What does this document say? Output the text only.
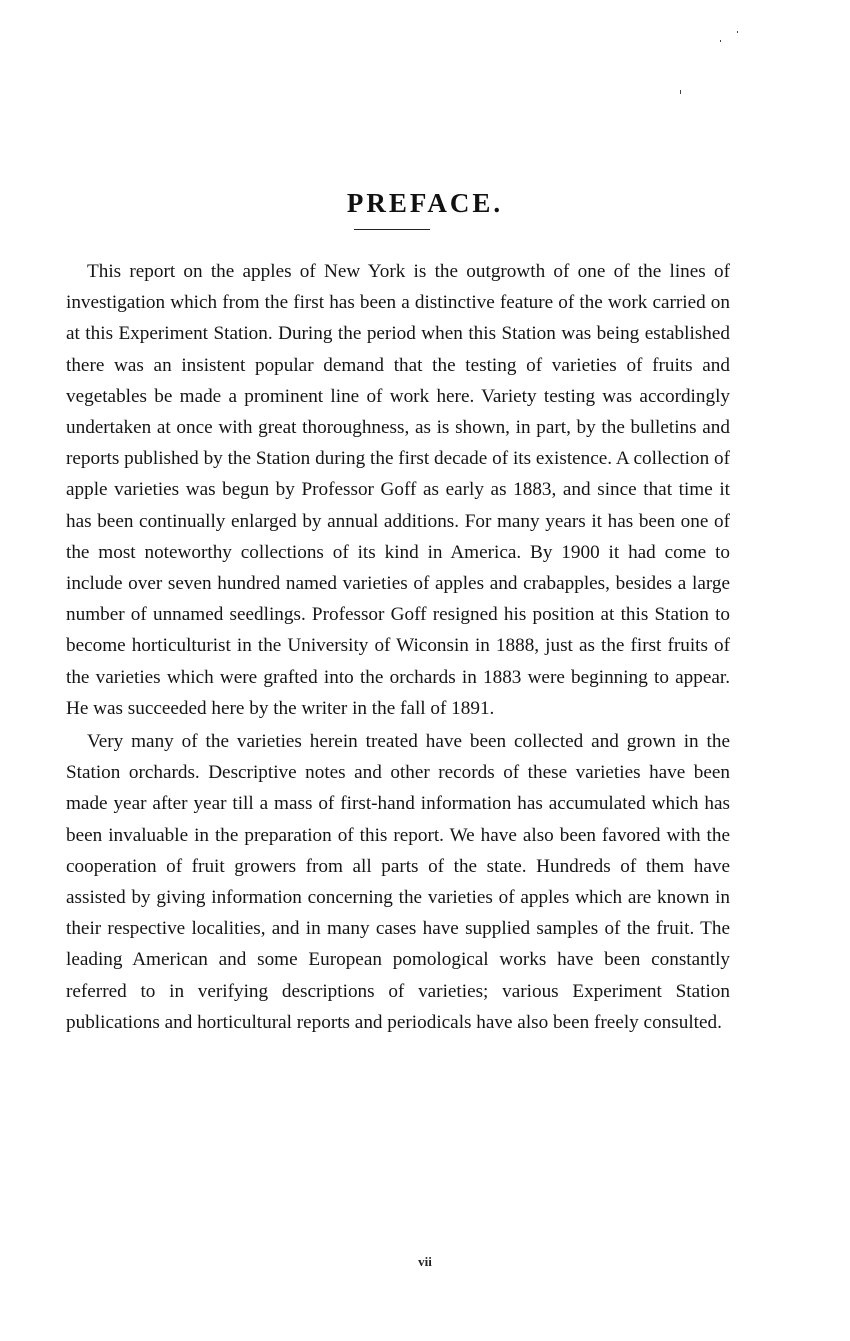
PREFACE.

This report on the apples of New York is the outgrowth of one of the lines of investigation which from the first has been a distinctive feature of the work carried on at this Experiment Station. During the period when this Station was being established there was an insistent popular demand that the testing of varieties of fruits and vegetables be made a prominent line of work here. Variety testing was accordingly undertaken at once with great thoroughness, as is shown, in part, by the bulletins and reports published by the Station during the first decade of its existence. A collection of apple varieties was begun by Professor Goff as early as 1883, and since that time it has been continually enlarged by annual additions. For many years it has been one of the most noteworthy collections of its kind in America. By 1900 it had come to include over seven hundred named varieties of apples and crabapples, besides a large number of unnamed seedlings. Professor Goff resigned his position at this Station to become horticulturist in the University of Wiconsin in 1888, just as the first fruits of the varieties which were grafted into the orchards in 1883 were beginning to appear. He was succeeded here by the writer in the fall of 1891.

Very many of the varieties herein treated have been collected and grown in the Station orchards. Descriptive notes and other records of these varieties have been made year after year till a mass of first-hand information has accumulated which has been invaluable in the preparation of this report. We have also been favored with the cooperation of fruit growers from all parts of the state. Hundreds of them have assisted by giving information concerning the varieties of apples which are known in their respective localities, and in many cases have supplied samples of the fruit. The leading American and some European pomological works have been constantly referred to in verifying descriptions of varieties; various Experiment Station publications and horticultural reports and periodicals have also been freely consulted.

vii
